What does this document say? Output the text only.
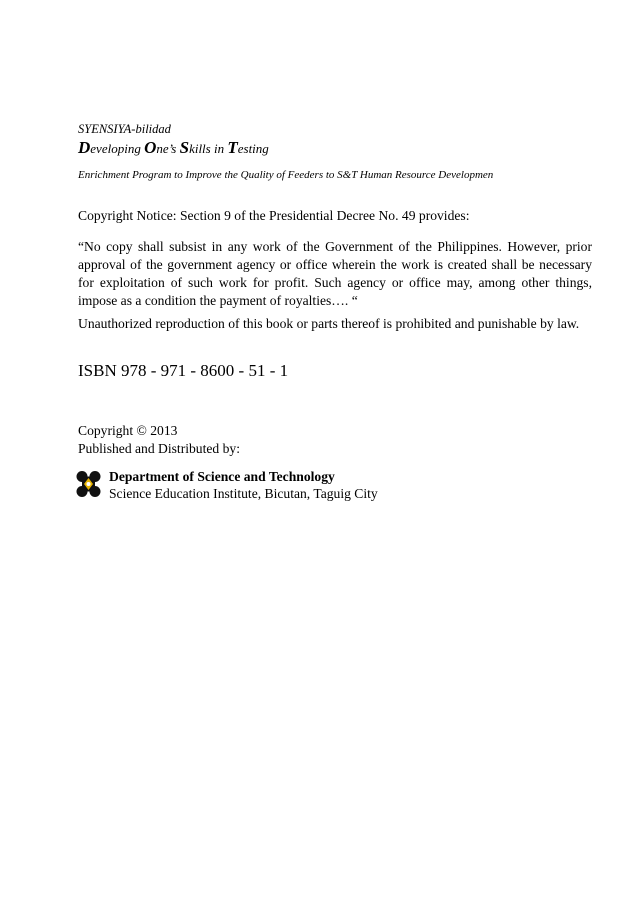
SYENSIYA-bilidad
Developing One’s Skills in Testing
Enrichment Program to Improve the Quality of Feeders to S&T Human Resource Developmen
Copyright Notice: Section 9 of the Presidential Decree No. 49 provides:
“No copy shall subsist in any work of the Government of the Philippines. However, prior approval of the government agency or office wherein the work is created shall be necessary for exploitation of such work for profit. Such agency or office may, among other things, impose as a condition the payment of royalties…. “
Unauthorized reproduction of this book or parts thereof is prohibited and punishable by law.
ISBN 978 - 971 - 8600 - 51 - 1
Copyright © 2013
Published and Distributed by:
Department of Science and Technology
Science Education Institute, Bicutan, Taguig City
